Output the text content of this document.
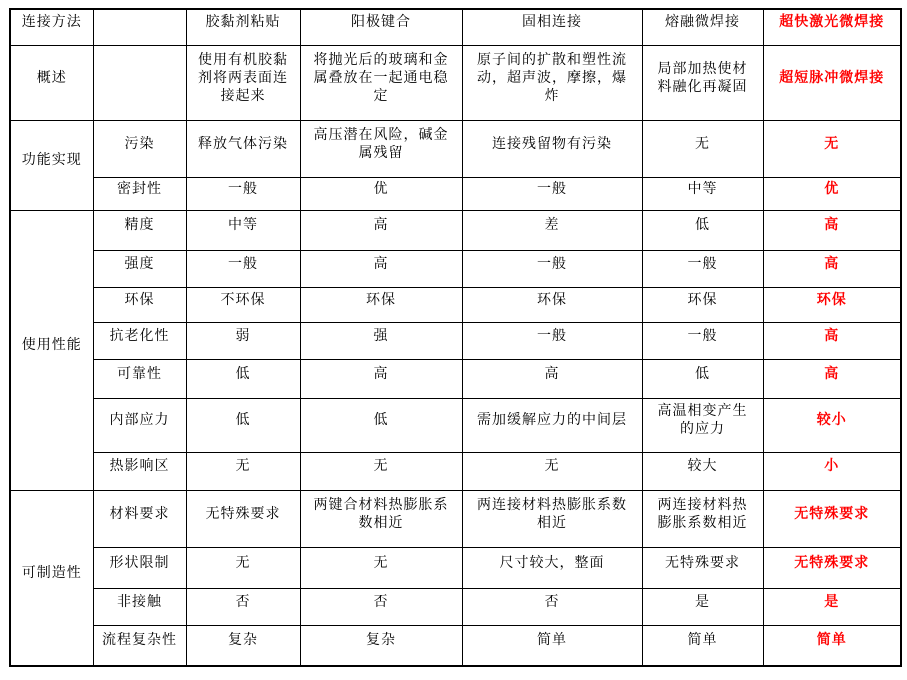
连接方法		胶黏剂粘贴	阳极键合	固相连接	熔融微焊接	超快激光微焊接
概述		使用有机胶黏剂将两表面连接起来	将抛光后的玻璃和金属叠放在一起通电稳定	原子间的扩散和塑性流动，超声波，摩擦，爆炸	局部加热使材料融化再凝固	超短脉冲微焊接
功能实现	污染	释放气体污染	高压潜在风险，碱金属残留	连接残留物有污染	无	无
	密封性	一般	优	一般	中等	优
使用性能	精度	中等	高	差	低	高
	强度	一般	高	一般	一般	高
	环保	不环保	环保	环保	环保	环保
	抗老化性	弱	强	一般	一般	高
	可靠性	低	高	高	低	高
	内部应力	低	低	需加缓解应力的中间层	高温相变产生的应力	较小
	热影响区	无	无	无	较大	小
可制造性	材料要求	无特殊要求	两键合材料热膨胀系数相近	两连接材料热膨胀系数相近	两连接材料热膨胀系数相近	无特殊要求
	形状限制	无	无	尺寸较大，整面	无特殊要求	无特殊要求
	非接触	否	否	否	是	是
	流程复杂性	复杂	复杂	简单	简单	简单
